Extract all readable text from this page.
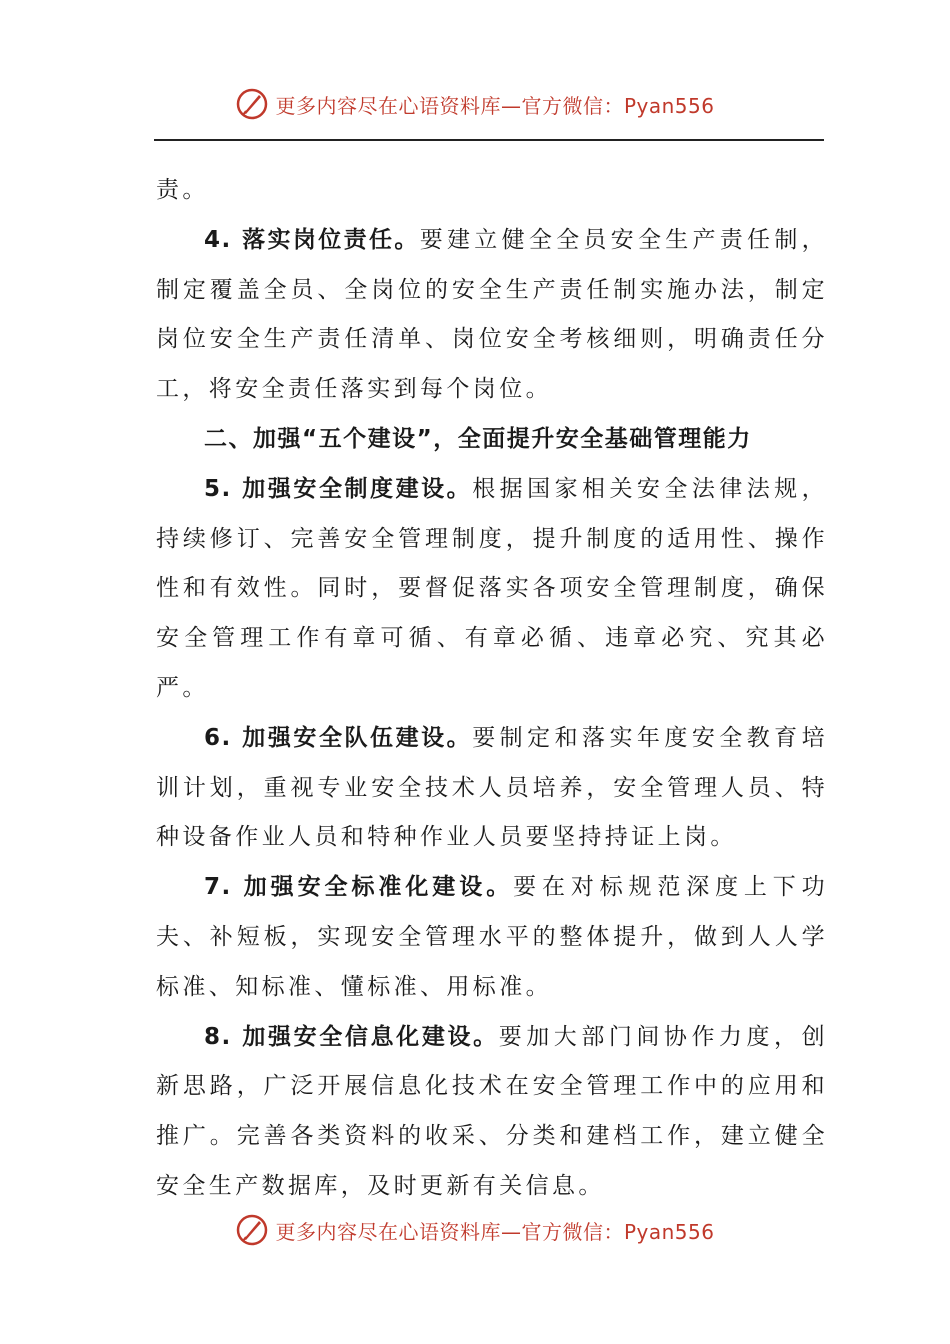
更多内容尽在心语资料库—官方微信：Pyan556

责。

4. 落实岗位责任。要建立健全全员安全生产责任制，制定覆盖全员、全岗位的安全生产责任制实施办法，制定岗位安全生产责任清单、岗位安全考核细则，明确责任分工，将安全责任落实到每个岗位。

二、加强“五个建设”，全面提升安全基础管理能力

5. 加强安全制度建设。根据国家相关安全法律法规，持续修订、完善安全管理制度，提升制度的适用性、操作性和有效性。同时，要督促落实各项安全管理制度，确保安全管理工作有章可循、有章必循、违章必究、究其必严。

6. 加强安全队伍建设。要制定和落实年度安全教育培训计划，重视专业安全技术人员培养，安全管理人员、特种设备作业人员和特种作业人员要坚持持证上岗。

7. 加强安全标准化建设。要在对标规范深度上下功夫、补短板，实现安全管理水平的整体提升，做到人人学标准、知标准、懂标准、用标准。

8. 加强安全信息化建设。要加大部门间协作力度，创新思路，广泛开展信息化技术在安全管理工作中的应用和推广。完善各类资料的收采、分类和建档工作，建立健全安全生产数据库，及时更新有关信息。

更多内容尽在心语资料库—官方微信：Pyan556
